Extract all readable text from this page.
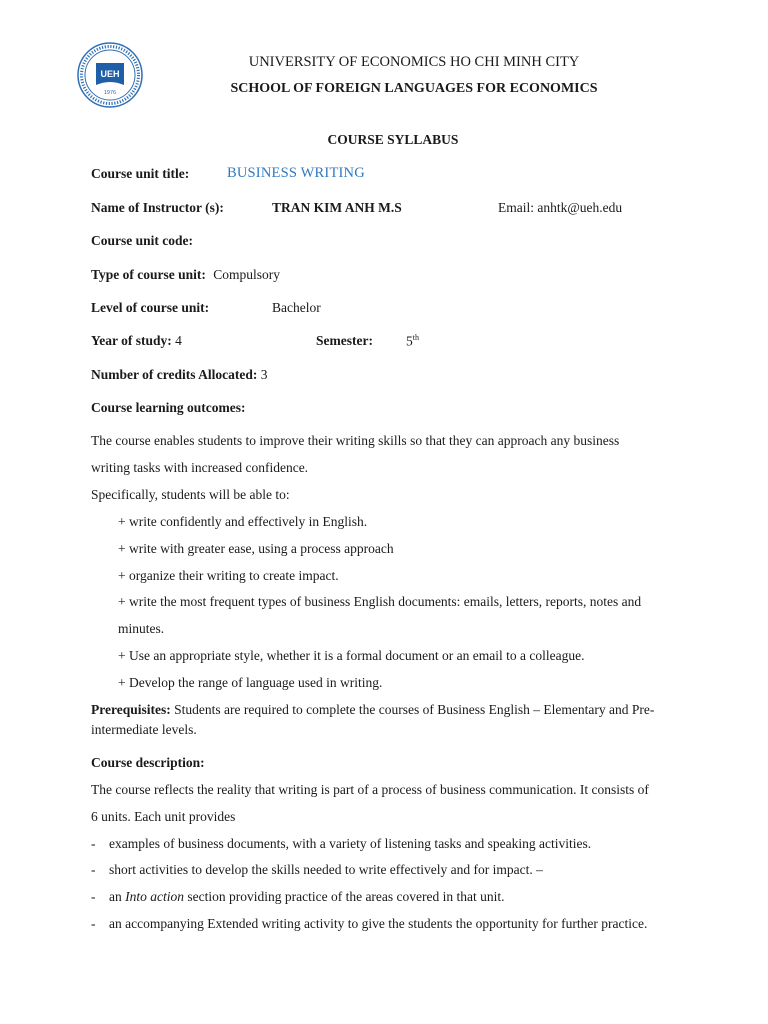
UEH
1976
UNIVERSITY OF ECONOMICS HO CHI MINH CITY
SCHOOL OF FOREIGN LANGUAGES FOR ECONOMICS
COURSE SYLLABUS
Course unit title:	BUSINESS WRITING
Name of Instructor (s):	TRAN KIM ANH M.S	Email: anhtk@ueh.edu
Course unit code:
Type of course unit: Compulsory
Level of course unit:	Bachelor
Year of study: 4	Semester: 5th
Number of credits Allocated: 3
Course learning outcomes:
The course enables students to improve their writing skills so that they can approach any business
writing tasks with increased confidence.
Specifically, students will be able to:
+ write confidently and effectively in English.
+ write with greater ease, using a process approach
+ organize their writing to create impact.
+ write the most frequent types of business English documents: emails, letters, reports, notes and
minutes.
+ Use an appropriate style, whether it is a formal document or an email to a colleague.
+ Develop the range of language used in writing.
Prerequisites: Students are required to complete the courses of Business English – Elementary and Pre-
intermediate levels.
Course description:
The course reflects the reality that writing is part of a process of business communication. It consists of
6 units. Each unit provides
- examples of business documents, with a variety of listening tasks and speaking activities.
- short activities to develop the skills needed to write effectively and for impact. –
- an Into action section providing practice of the areas covered in that unit.
- an accompanying Extended writing activity to give the students the opportunity for further practice.
